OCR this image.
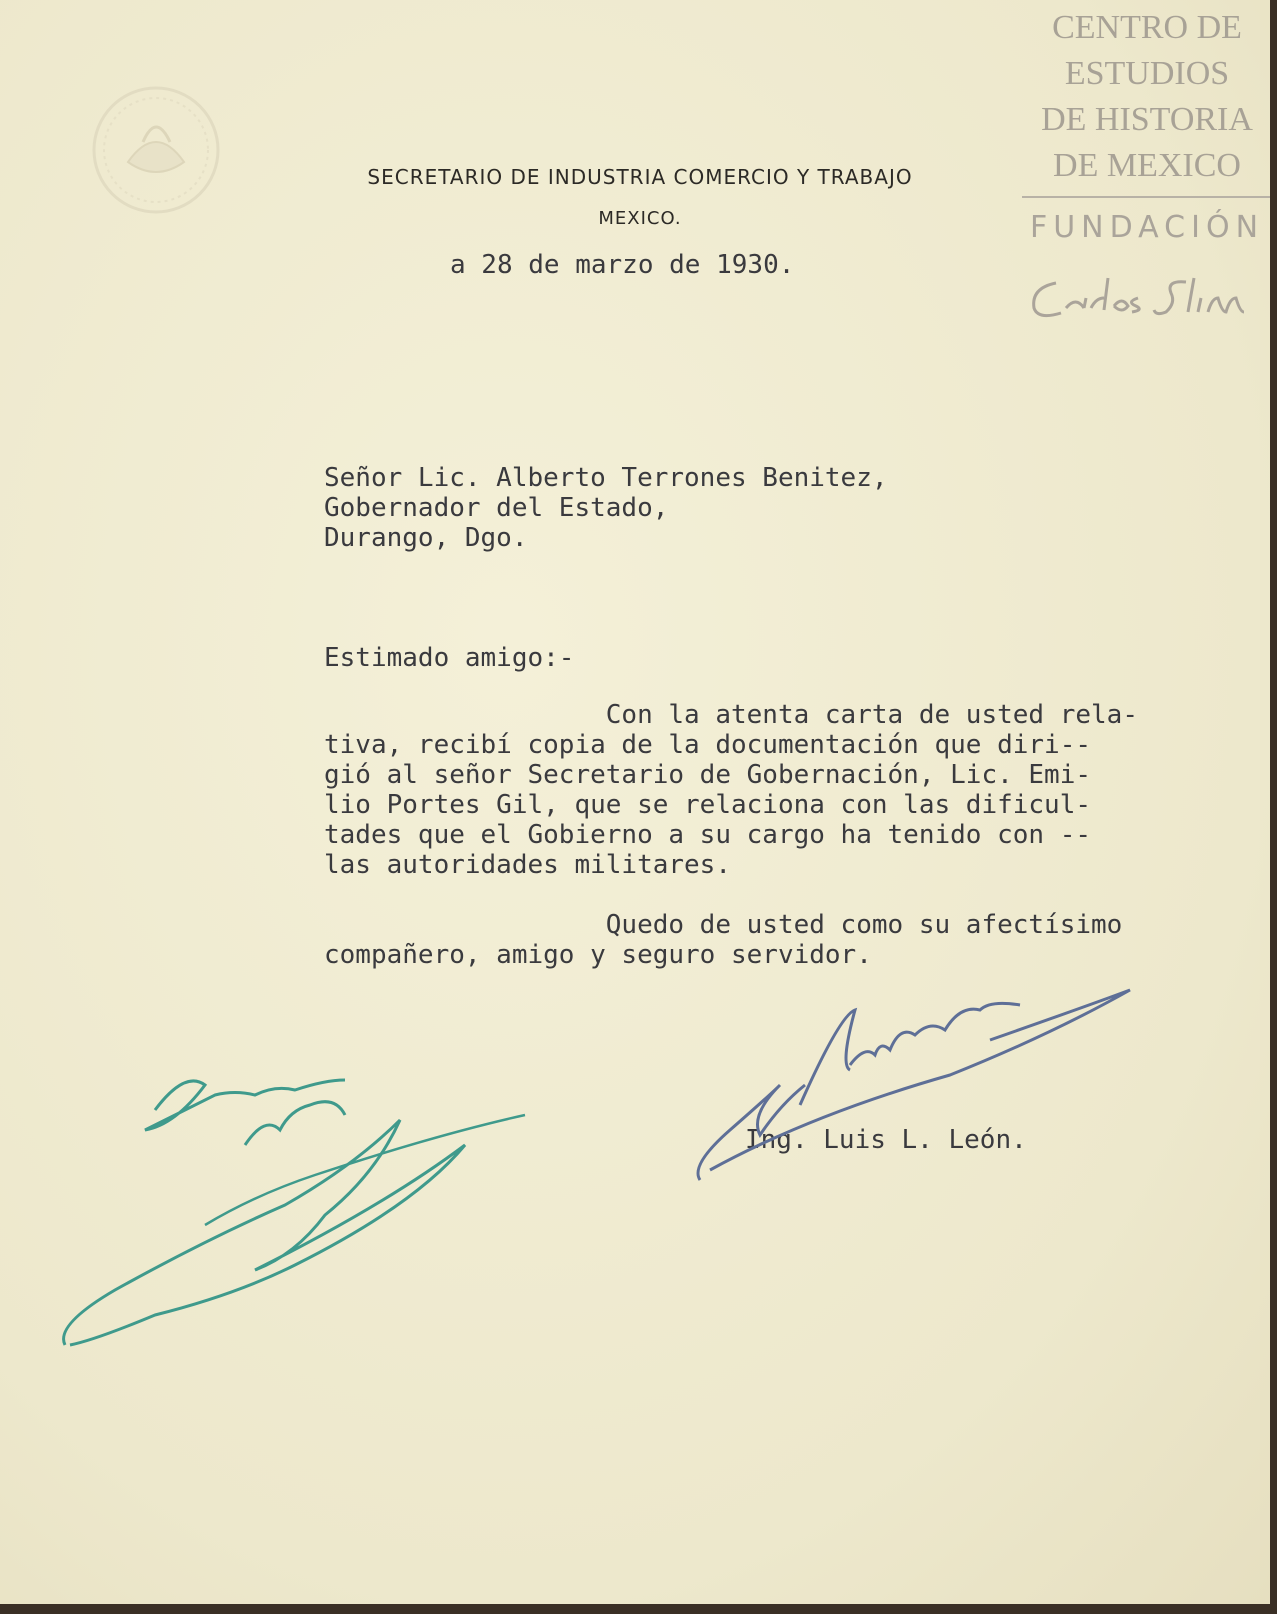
SECRETARIO DE INDUSTRIA COMERCIO Y TRABAJO
MEXICO.
a 28 de marzo de 1930.
Señor Lic. Alberto Terrones Benitez,
Gobernador del Estado,
Durango, Dgo.
Estimado amigo:-
Con la atenta carta de usted rela-
tiva, recibí copia de la documentación que diri--
gió al señor Secretario de Gobernación, Lic. Emi-
lio Portes Gil, que se relaciona con las dificul-
tades que el Gobierno a su cargo ha tenido con --
las autoridades militares.
Quedo de usted como su afectísimo
compañero, amigo y seguro servidor.
Ing. Luis L. León.
CENTRO DE
ESTUDIOS
DE HISTORIA
DE MEXICO
FUNDACIÓN
